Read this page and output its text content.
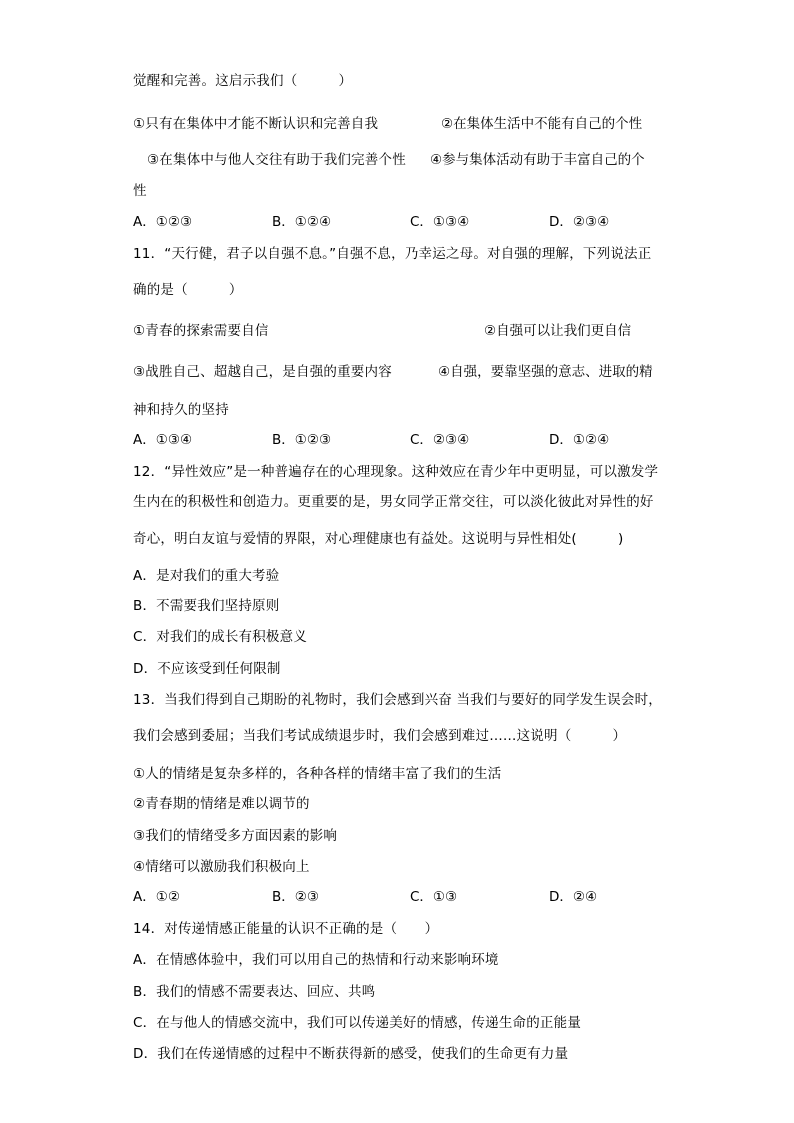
觉醒和完善。这启示我们（　　　）
①只有在集体中才能不断认识和完善自我	②在集体生活中不能有自己的个性
③在集体中与他人交往有助于我们完善个性 ④参与集体活动有助于丰富自己的个
性
A．①②③	B．①②④	C．①③④	D．②③④
11．“天行健，君子以自强不息。”自强不息，乃幸运之母。对自强的理解，下列说法正
确的是（　　　）
①青春的探索需要自信	②自强可以让我们更自信
③战胜自己、超越自己，是自强的重要内容	④自强，要靠坚强的意志、进取的精
神和持久的坚持
A．①③④	B．①②③	C．②③④	D．①②④
12．“异性效应”是一种普遍存在的心理现象。这种效应在青少年中更明显，可以激发学
生内在的积极性和创造力。更重要的是，男女同学正常交往，可以淡化彼此对异性的好
奇心，明白友谊与爱情的界限，对心理健康也有益处。这说明与异性相处(　　　)
A．是对我们的重大考验
B．不需要我们坚持原则
C．对我们的成长有积极意义
D．不应该受到任何限制
13．当我们得到自己期盼的礼物时，我们会感到兴奋 当我们与要好的同学发生误会时，
我们会感到委屈；当我们考试成绩退步时，我们会感到难过……这说明（　　　）
①人的情绪是复杂多样的，各种各样的情绪丰富了我们的生活
②青春期的情绪是难以调节的
③我们的情绪受多方面因素的影响
④情绪可以激励我们积极向上
A．①②	B．②③	C．①③	D．②④
14．对传递情感正能量的认识不正确的是（　　）
A．在情感体验中，我们可以用自己的热情和行动来影响环境
B．我们的情感不需要表达、回应、共鸣
C．在与他人的情感交流中，我们可以传递美好的情感，传递生命的正能量
D．我们在传递情感的过程中不断获得新的感受，使我们的生命更有力量
